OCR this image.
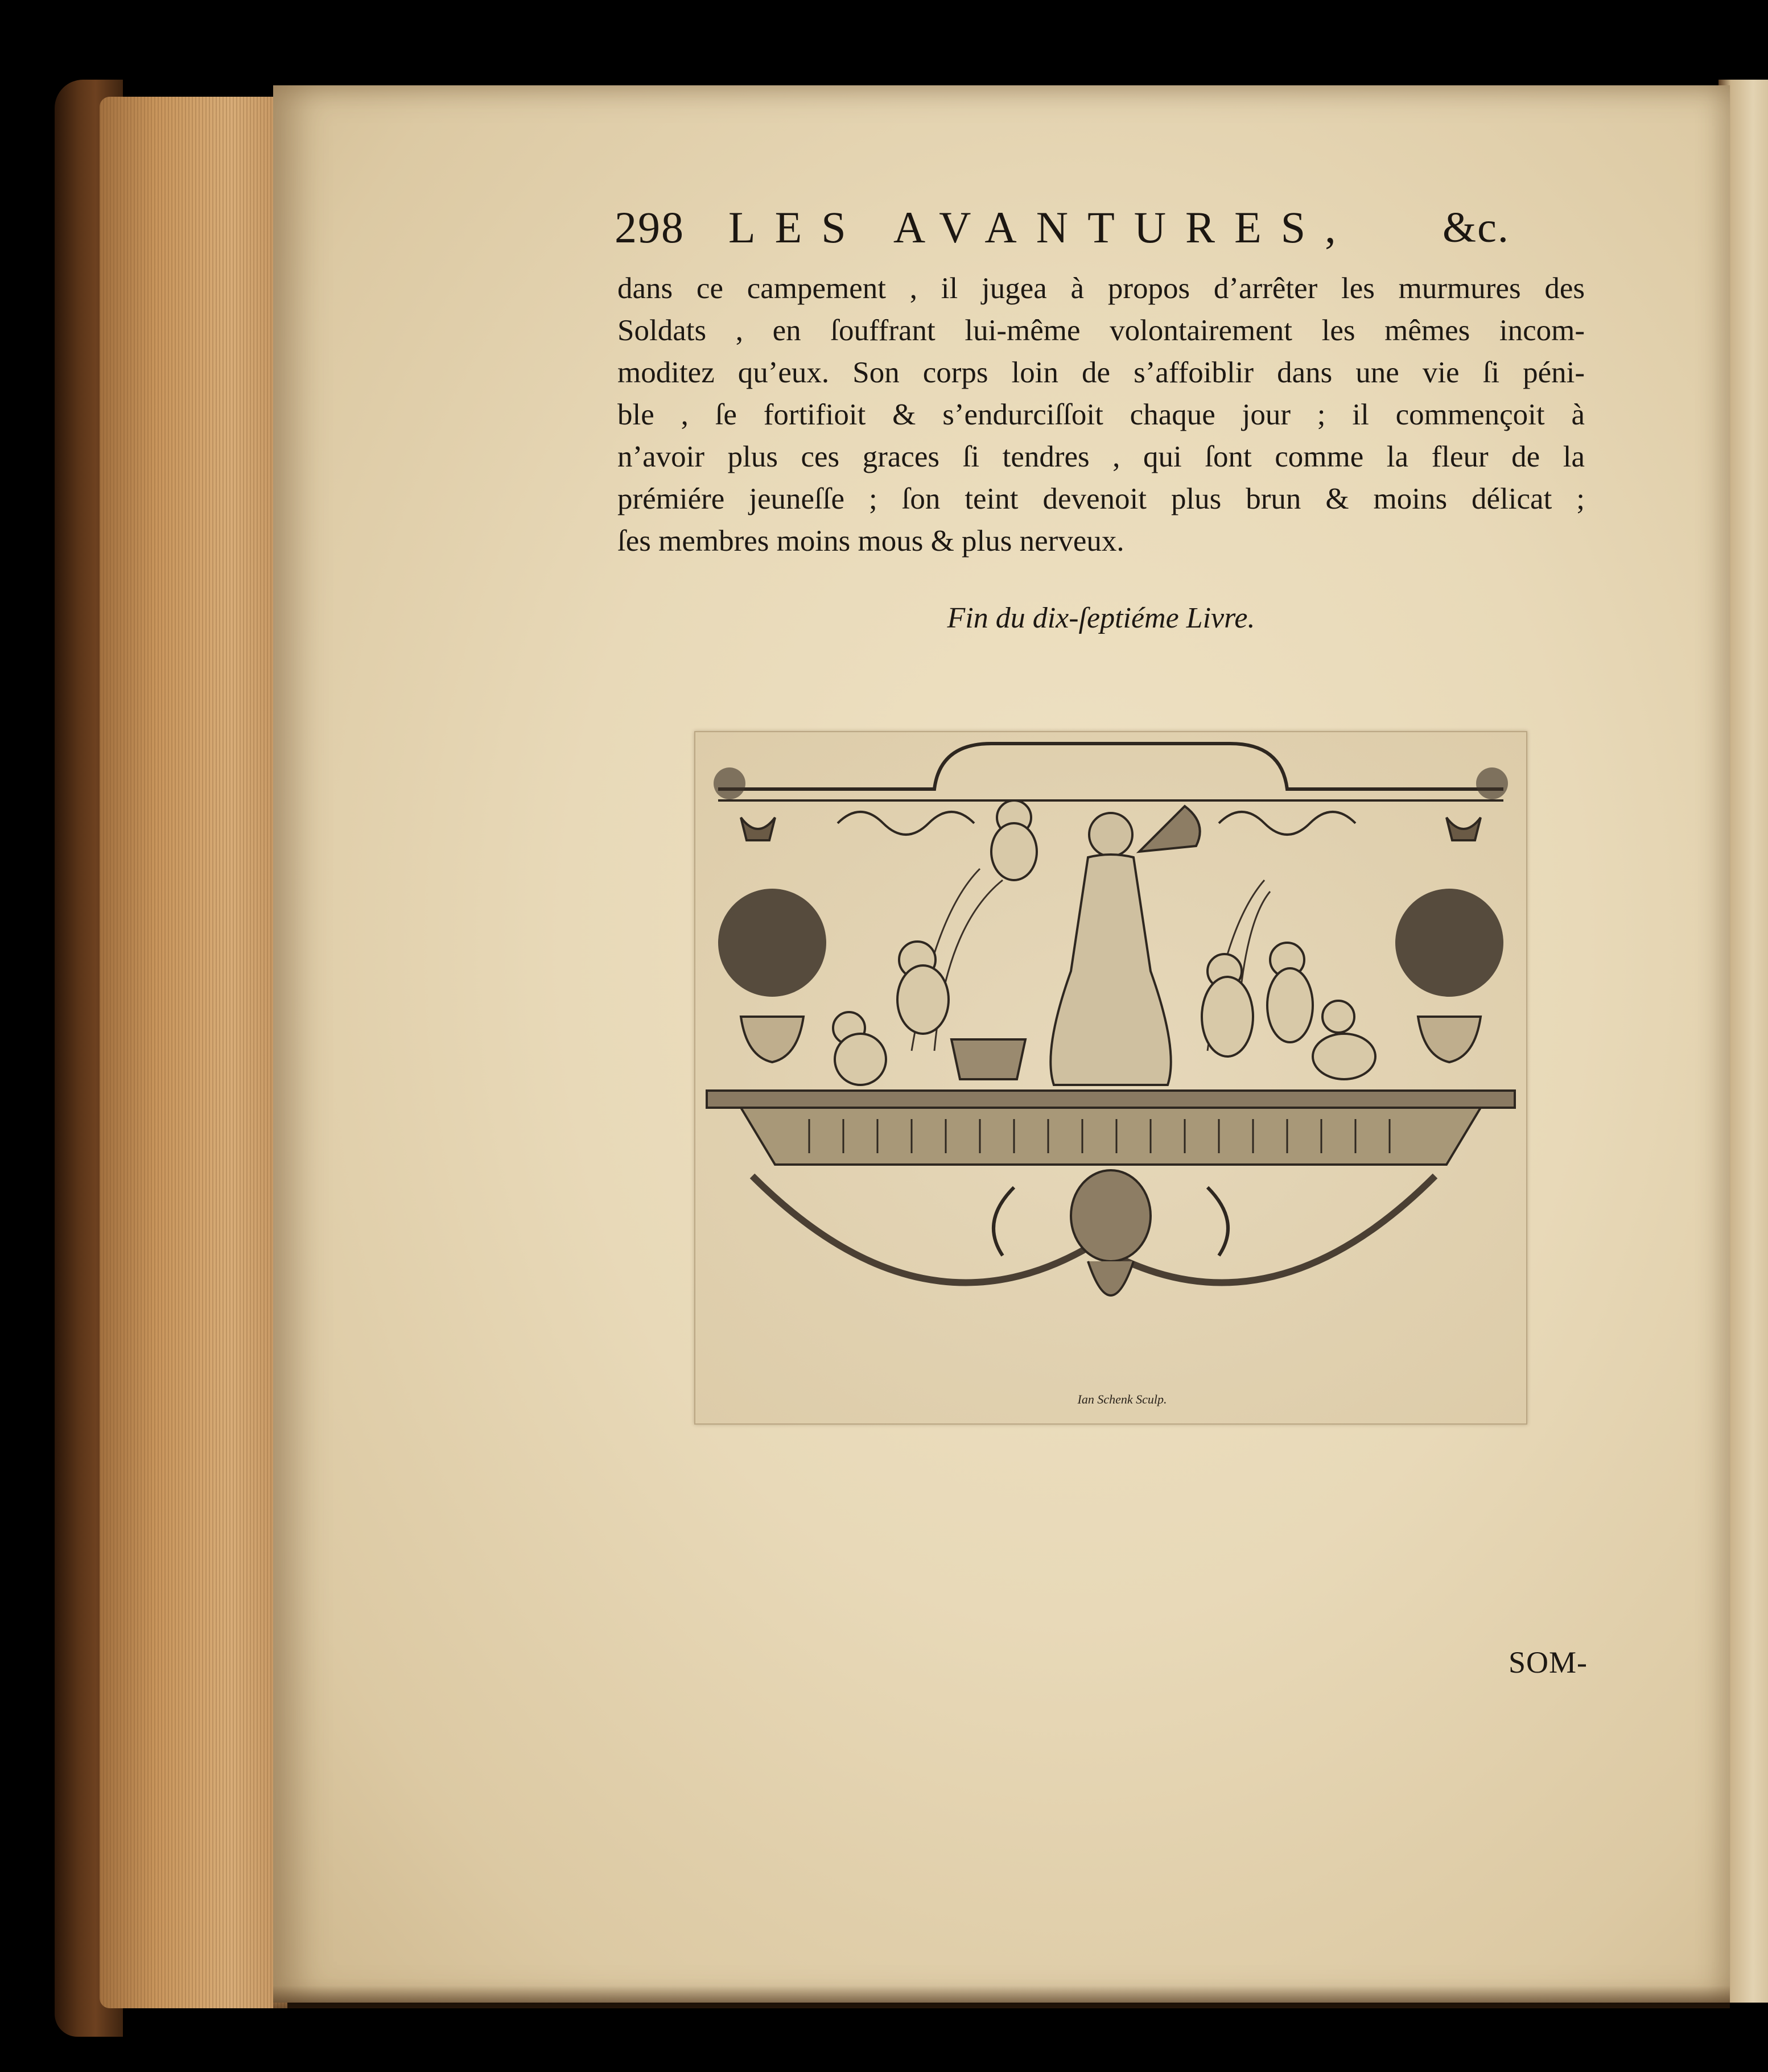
298 LES AVANTURES, &c.
dans ce campement , il jugea à propos d’arrêter les murmures des
Soldats , en ſouffrant lui-même volontairement les mêmes incom-
moditez qu’eux. Son corps loin de s’affoiblir dans une vie ſi péni-
ble , ſe fortifioit & s’endurciſſoit chaque jour ; il commençoit à
n’avoir plus ces graces ſi tendres , qui ſont comme la fleur de la
prémiére jeuneſſe ; ſon teint devenoit plus brun & moins délicat ;
ſes membres moins mous & plus nerveux.
Fin du dix-ſeptiéme Livre.
Ian Schenk Sculp.
SOM-
